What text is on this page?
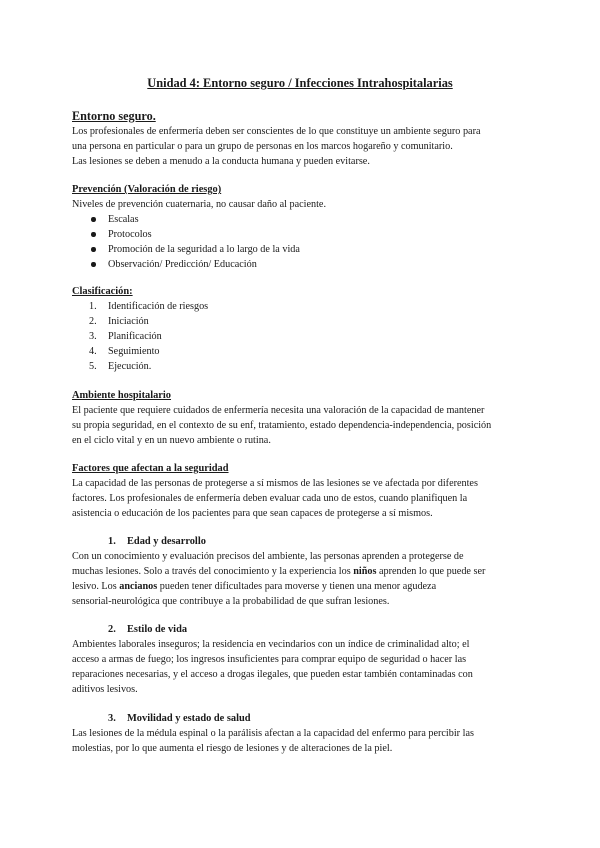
Unidad 4: Entorno seguro / Infecciones Intrahospitalarias
Entorno seguro.

Los profesionales de enfermería deben ser conscientes de lo que constituye un ambiente seguro para

una persona en particular o para un grupo de personas en los marcos hogareño y comunitario.

Las lesiones se deben a menudo a la conducta humana y pueden evitarse.

Prevención (Valoración de riesgo)

Niveles de prevención cuaternaria, no causar daño al paciente.

Escalas
Protocolos
Promoción de la seguridad a lo largo de la vida
Observación/ Predicción/ Educación
Clasificación:
1. Identificación de riesgos
2. Iniciación
3. Planificación
4. Seguimiento
5. Ejecución.
Ambiente hospitalario

El paciente que requiere cuidados de enfermería necesita una valoración de la capacidad de mantener

su propia seguridad, en el contexto de su enf, tratamiento, estado dependencia-independencia, posición

en el ciclo vital y en un nuevo ambiente o rutina.

Factores que afectan a la seguridad

La capacidad de las personas de protegerse a sí mismos de las lesiones se ve afectada por diferentes

factores. Los profesionales de enfermería deben evaluar cada uno de estos, cuando planifiquen la

asistencia o educación de los pacientes para que sean capaces de protegerse a sí mismos.

1. Edad y desarrollo

Con un conocimiento y evaluación precisos del ambiente, las personas aprenden a protegerse de

muchas lesiones. Solo a través del conocimiento y la experiencia los niños aprenden lo que puede ser

lesivo. Los ancianos pueden tener dificultades para moverse y tienen una menor agudeza

sensorial-neurológica que contribuye a la probabilidad de que sufran lesiones.

2. Estilo de vida

Ambientes laborales inseguros; la residencia en vecindarios con un índice de criminalidad alto; el

acceso a armas de fuego; los ingresos insuficientes para comprar equipo de seguridad o hacer las

reparaciones necesarias, y el acceso a drogas ilegales, que pueden estar también contaminadas con

aditivos lesivos.

3. Movilidad y estado de salud

Las lesiones de la médula espinal o la parálisis afectan a la capacidad del enfermo para percibir las

molestias, por lo que aumenta el riesgo de lesiones y de alteraciones de la piel.
